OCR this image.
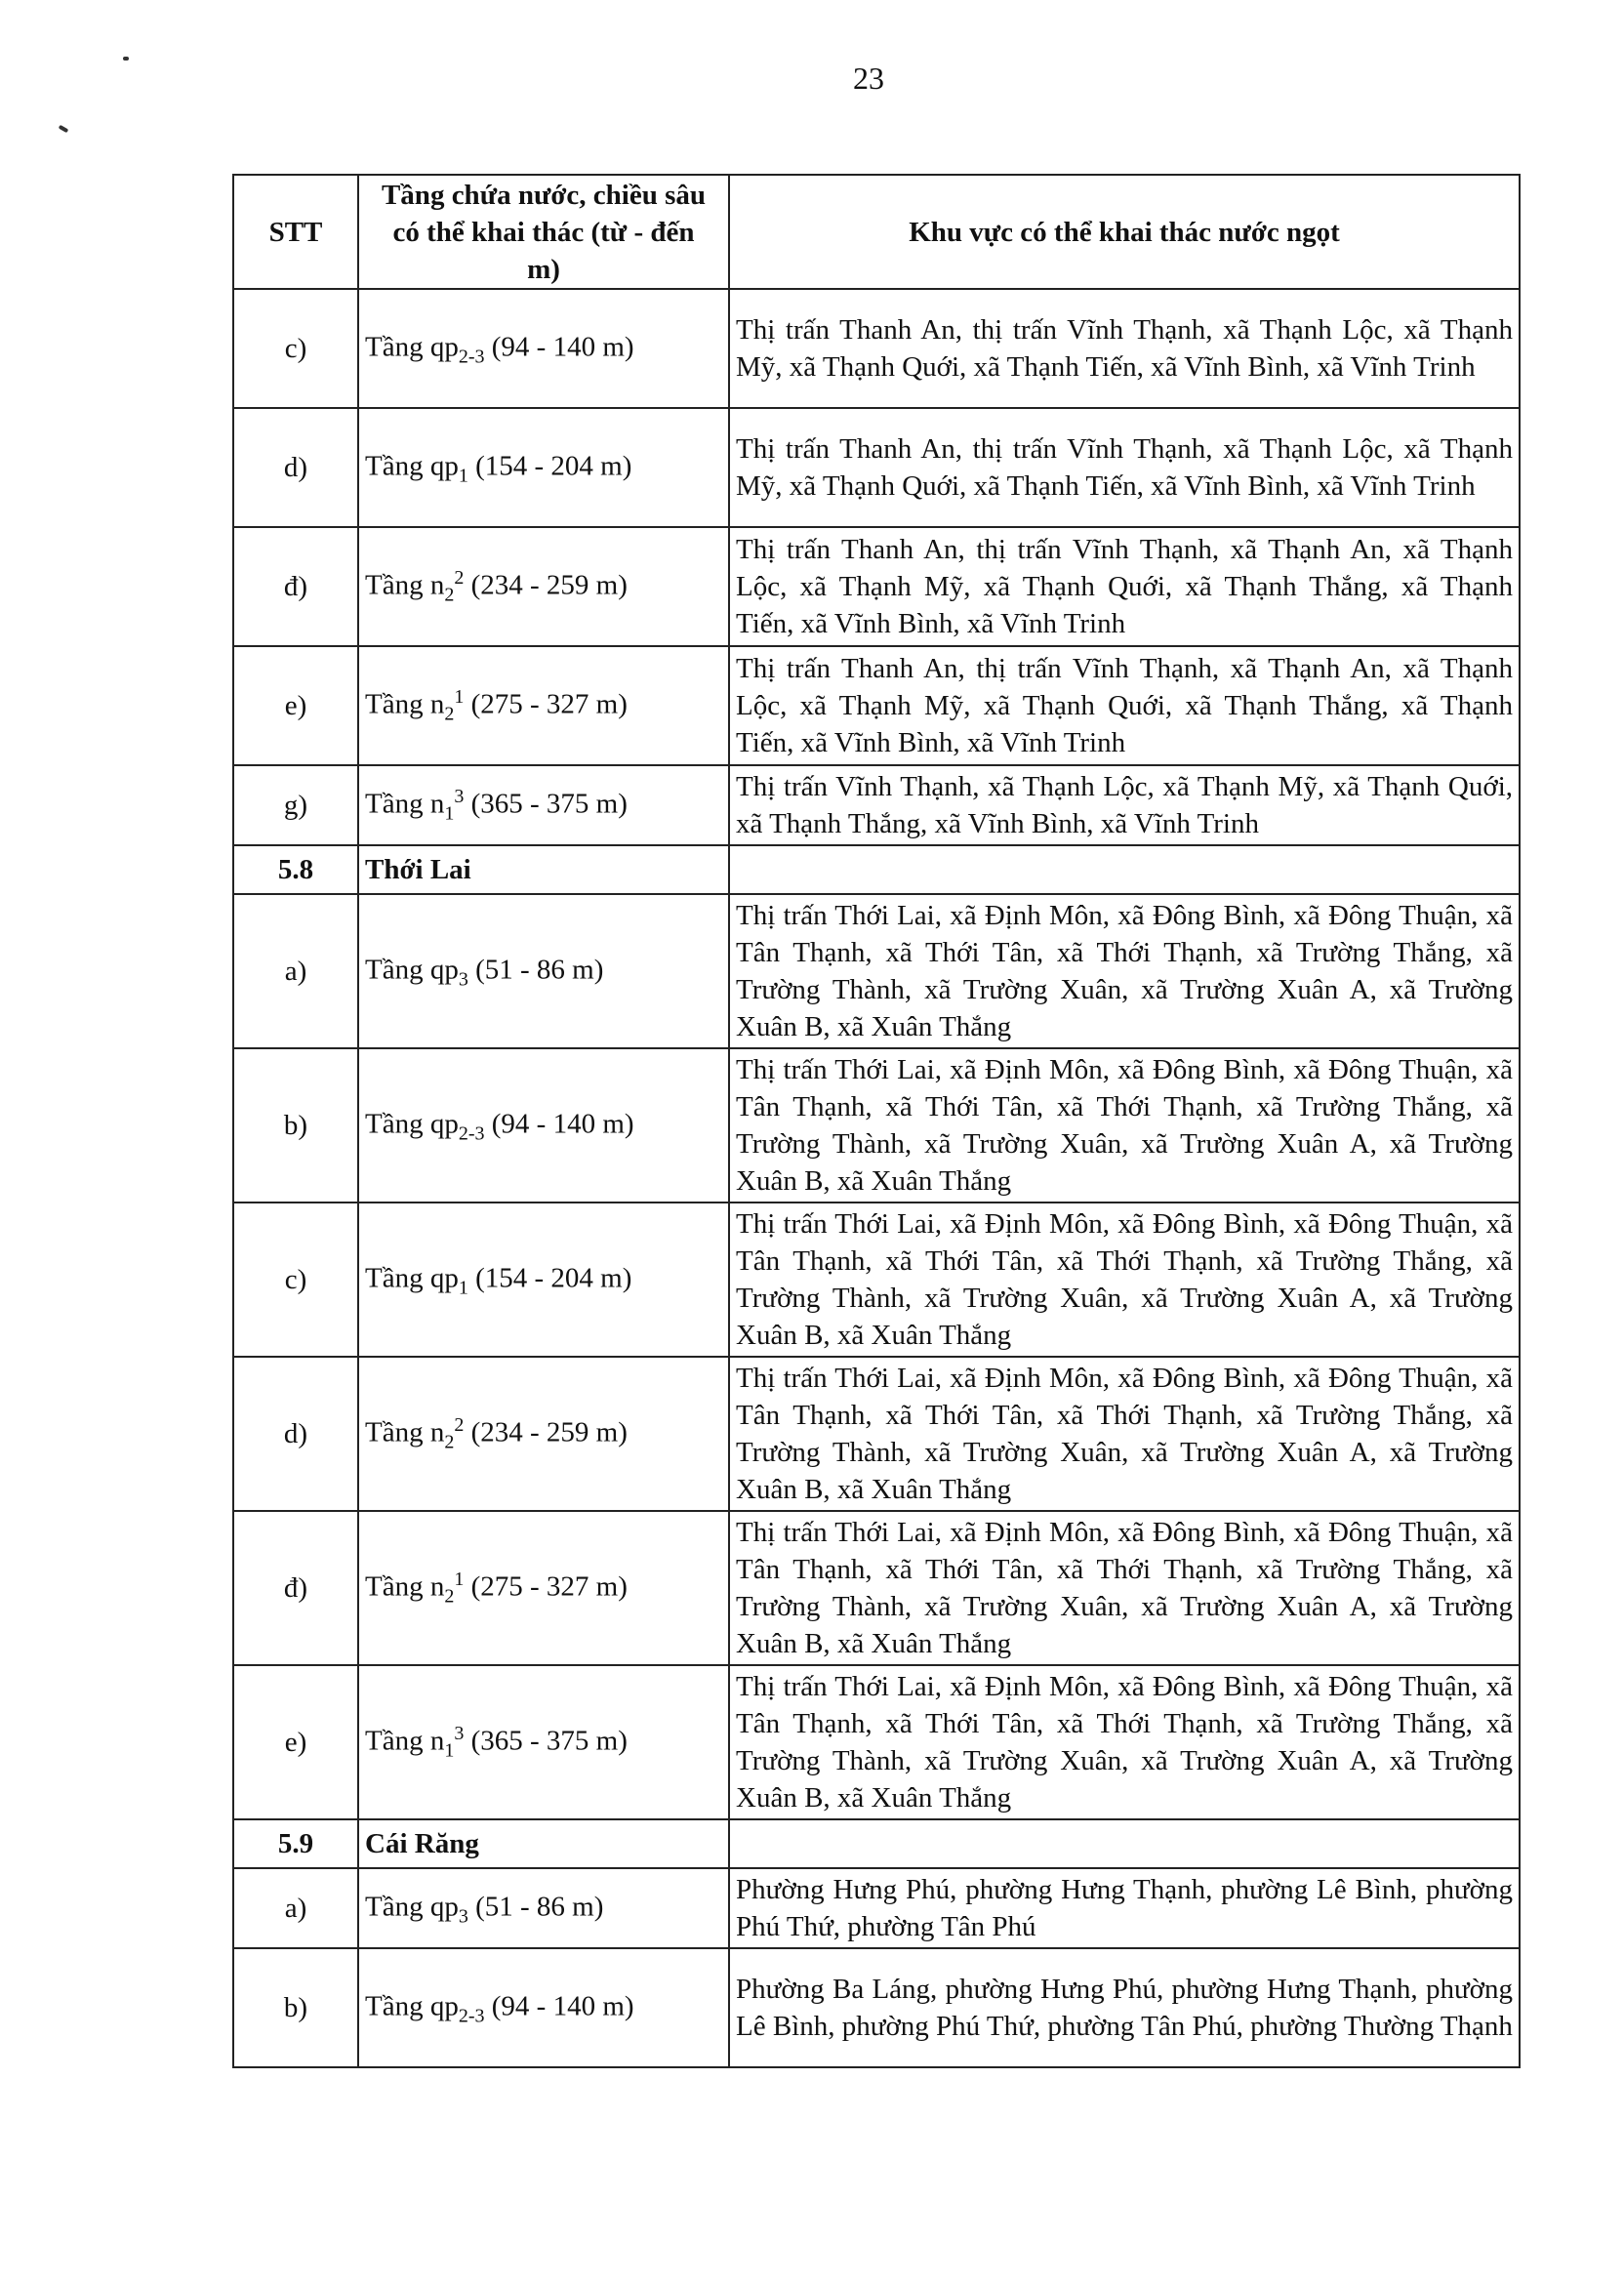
23
STT	Tầng chứa nước, chiều sâu có thể khai thác (từ - đến m)	Khu vực có thể khai thác nước ngọt
c)	Tầng $qp_{2-3}$ (94 - 140 m)	Thị trấn Thanh An, thị trấn Vĩnh Thạnh, xã Thạnh Lộc, xã Thạnh Mỹ, xã Thạnh Quới, xã Thạnh Tiến, xã Vĩnh Bình, xã Vĩnh Trinh
d)	Tầng $qp_1$ (154 - 204 m)	Thị trấn Thanh An, thị trấn Vĩnh Thạnh, xã Thạnh Lộc, xã Thạnh Mỹ, xã Thạnh Quới, xã Thạnh Tiến, xã Vĩnh Bình, xã Vĩnh Trinh
đ)	Tầng $n_2^2$ (234 - 259 m)	Thị trấn Thanh An, thị trấn Vĩnh Thạnh, xã Thạnh An, xã Thạnh Lộc, xã Thạnh Mỹ, xã Thạnh Quới, xã Thạnh Thắng, xã Thạnh Tiến, xã Vĩnh Bình, xã Vĩnh Trinh
e)	Tầng $n_2^1$ (275 - 327 m)	Thị trấn Thanh An, thị trấn Vĩnh Thạnh, xã Thạnh An, xã Thạnh Lộc, xã Thạnh Mỹ, xã Thạnh Quới, xã Thạnh Thắng, xã Thạnh Tiến, xã Vĩnh Bình, xã Vĩnh Trinh
g)	Tầng $n_1^3$ (365 - 375 m)	Thị trấn Vĩnh Thạnh, xã Thạnh Lộc, xã Thạnh Mỹ, xã Thạnh Quới, xã Thạnh Thắng, xã Vĩnh Bình, xã Vĩnh Trinh
5.8	Thới Lai	
a)	Tầng $qp_3$ (51 - 86 m)	Thị trấn Thới Lai, xã Định Môn, xã Đông Bình, xã Đông Thuận, xã Tân Thạnh, xã Thới Tân, xã Thới Thạnh, xã Trường Thắng, xã Trường Thành, xã Trường Xuân, xã Trường Xuân A, xã Trường Xuân B, xã Xuân Thắng
b)	Tầng $qp_{2-3}$ (94 - 140 m)	Thị trấn Thới Lai, xã Định Môn, xã Đông Bình, xã Đông Thuận, xã Tân Thạnh, xã Thới Tân, xã Thới Thạnh, xã Trường Thắng, xã Trường Thành, xã Trường Xuân, xã Trường Xuân A, xã Trường Xuân B, xã Xuân Thắng
c)	Tầng $qp_1$ (154 - 204 m)	Thị trấn Thới Lai, xã Định Môn, xã Đông Bình, xã Đông Thuận, xã Tân Thạnh, xã Thới Tân, xã Thới Thạnh, xã Trường Thắng, xã Trường Thành, xã Trường Xuân, xã Trường Xuân A, xã Trường Xuân B, xã Xuân Thắng
d)	Tầng $n_2^2$ (234 - 259 m)	Thị trấn Thới Lai, xã Định Môn, xã Đông Bình, xã Đông Thuận, xã Tân Thạnh, xã Thới Tân, xã Thới Thạnh, xã Trường Thắng, xã Trường Thành, xã Trường Xuân, xã Trường Xuân A, xã Trường Xuân B, xã Xuân Thắng
đ)	Tầng $n_2^1$ (275 - 327 m)	Thị trấn Thới Lai, xã Định Môn, xã Đông Bình, xã Đông Thuận, xã Tân Thạnh, xã Thới Tân, xã Thới Thạnh, xã Trường Thắng, xã Trường Thành, xã Trường Xuân, xã Trường Xuân A, xã Trường Xuân B, xã Xuân Thắng
e)	Tầng $n_1^3$ (365 - 375 m)	Thị trấn Thới Lai, xã Định Môn, xã Đông Bình, xã Đông Thuận, xã Tân Thạnh, xã Thới Tân, xã Thới Thạnh, xã Trường Thắng, xã Trường Thành, xã Trường Xuân, xã Trường Xuân A, xã Trường Xuân B, xã Xuân Thắng
5.9	Cái Răng	
a)	Tầng $qp_3$ (51 - 86 m)	Phường Hưng Phú, phường Hưng Thạnh, phường Lê Bình, phường Phú Thứ, phường Tân Phú
b)	Tầng $qp_{2-3}$ (94 - 140 m)	Phường Ba Láng, phường Hưng Phú, phường Hưng Thạnh, phường Lê Bình, phường Phú Thứ, phường Tân Phú, phường Thường Thạnh
